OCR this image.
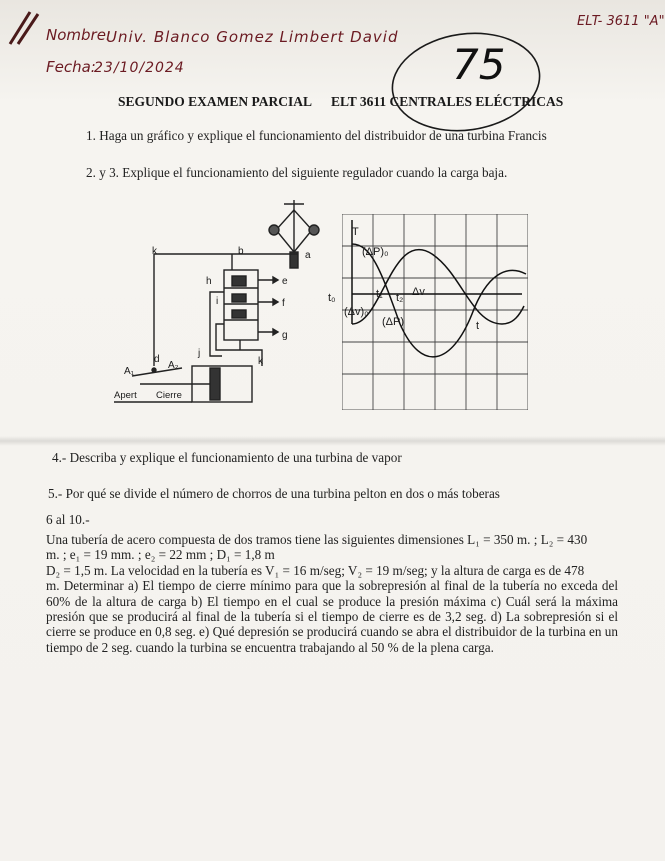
ELT- 3611 "A"
Nombre:
Univ. Blanco Gomez Limbert David
Fecha:
23/10/2024	75
SEGUNDO EXAMEN PARCIAL ELT 3611 CENTRALES ELÉCTRICAS
1. Haga un gráfico y explique el funcionamiento del distribuidor de una turbina Francis
2. y 3. Explique el funcionamiento del siguiente regulador cuando la carga baja.
k	b	a
h	e
i	f
g
j
k
d
A₁
A₂
Apert Cierre
T
(ΔP)₀
t₀	t₁ t₂ Δv
(Δv)₀
(ΔP)	t
4.- Describa y explique el funcionamiento de una turbina de vapor
5.- Por qué se divide el número de chorros de una turbina pelton en dos o más toberas
6 al 10.-

Una tubería de acero compuesta de dos tramos tiene las siguientes dimensiones L₁ = 350 m. ; L₂ = 430

m. ; e₁ = 19 mm. ; e₂ = 22 mm ; D₁ = 1,8 m

D₂ = 1,5 m. La velocidad en la tubería es V₁ = 16 m/seg; V₂ = 19 m/seg; y la altura de carga es de 478

m. Determinar a) El tiempo de cierre mínimo para que la sobrepresión al final de la tubería no exceda del 60% de la altura de carga b) El tiempo en el cual se produce la presión máxima c) Cuál será la máxima presión que se producirá al final de la tubería si el tiempo de cierre es de 3,2 seg. d) La sobrepresión si el cierre se produce en 0,8 seg. e) Qué depresión se producirá cuando se abra el distribuidor de la turbina en un tiempo de 2 seg. cuando la turbina se encuentra trabajando al 50 % de la plena carga.
